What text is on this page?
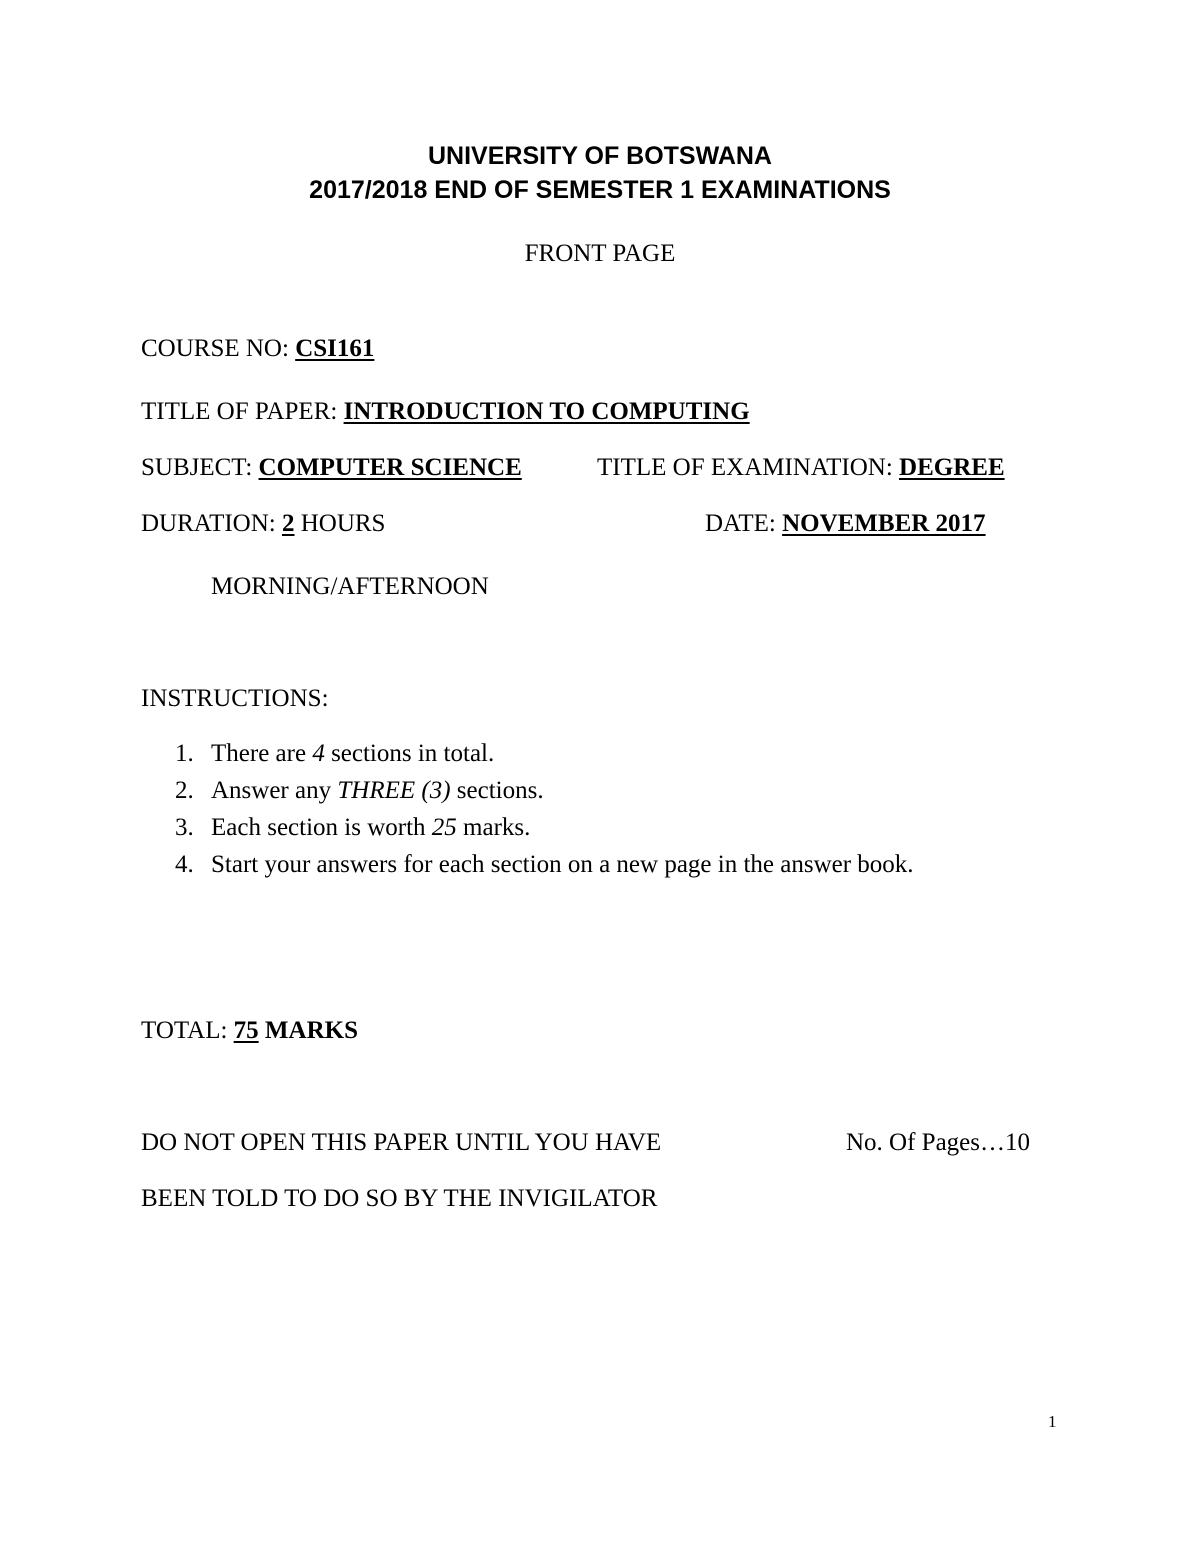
UNIVERSITY OF BOTSWANA
2017/2018 END OF SEMESTER 1 EXAMINATIONS
FRONT PAGE
COURSE NO: CSI161
TITLE OF PAPER: INTRODUCTION TO COMPUTING
SUBJECT: COMPUTER SCIENCE	TITLE OF EXAMINATION: DEGREE
DURATION: 2 HOURS	DATE: NOVEMBER 2017
MORNING/AFTERNOON
INSTRUCTIONS:
1. There are 4 sections in total.
2. Answer any THREE (3) sections.
3. Each section is worth 25 marks.
4. Start your answers for each section on a new page in the answer book.
TOTAL: 75 MARKS
DO NOT OPEN THIS PAPER UNTIL YOU HAVE	No. Of Pages…10
BEEN TOLD TO DO SO BY THE INVIGILATOR
1
